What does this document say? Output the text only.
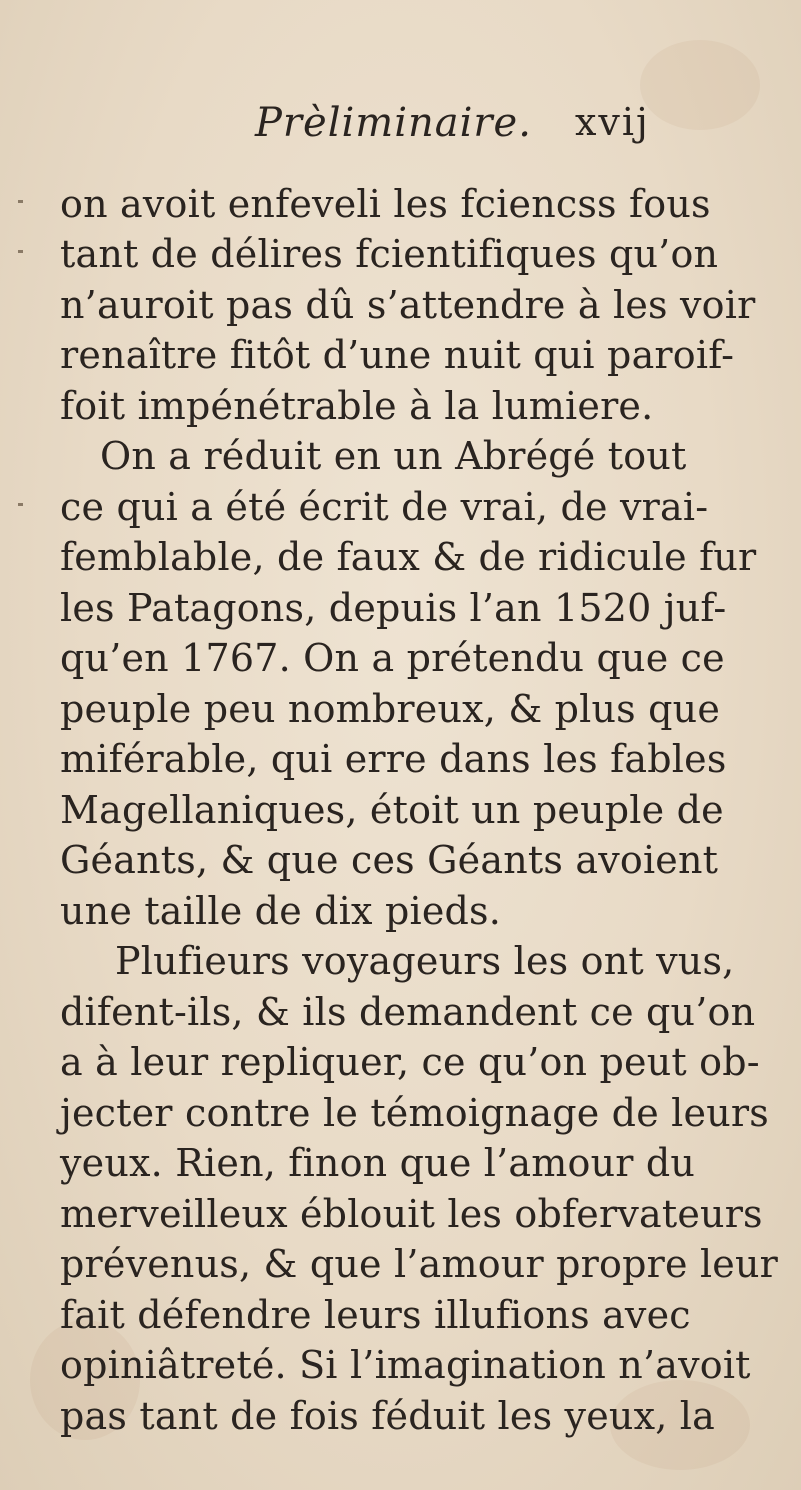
Prèliminaire. xvij
on avoit enfeveli les fciencss fous
tant de délires fcientifiques qu’on
n’auroit pas dû s’attendre à les voir
renaître fitôt d’une nuit qui paroif-
foit impénétrable à la lumiere.
On a réduit en un Abrégé tout
ce qui a été écrit de vrai, de vrai-
femblable, de faux & de ridicule fur
les Patagons, depuis l’an 1520 juf-
qu’en 1767. On a prétendu que ce
peuple peu nombreux, & plus que
miférable, qui erre dans les fables
Magellaniques, étoit un peuple de
Géants, & que ces Géants avoient
une taille de dix pieds.
Plufieurs voyageurs les ont vus,
difent-ils, & ils demandent ce qu’on
a à leur repliquer, ce qu’on peut ob-
jecter contre le témoignage de leurs
yeux. Rien, finon que l’amour du
merveilleux éblouit les obfervateurs
prévenus, & que l’amour propre leur
fait défendre leurs illufions avec
opiniâtreté. Si l’imagination n’avoit
pas tant de fois féduit les yeux, la
